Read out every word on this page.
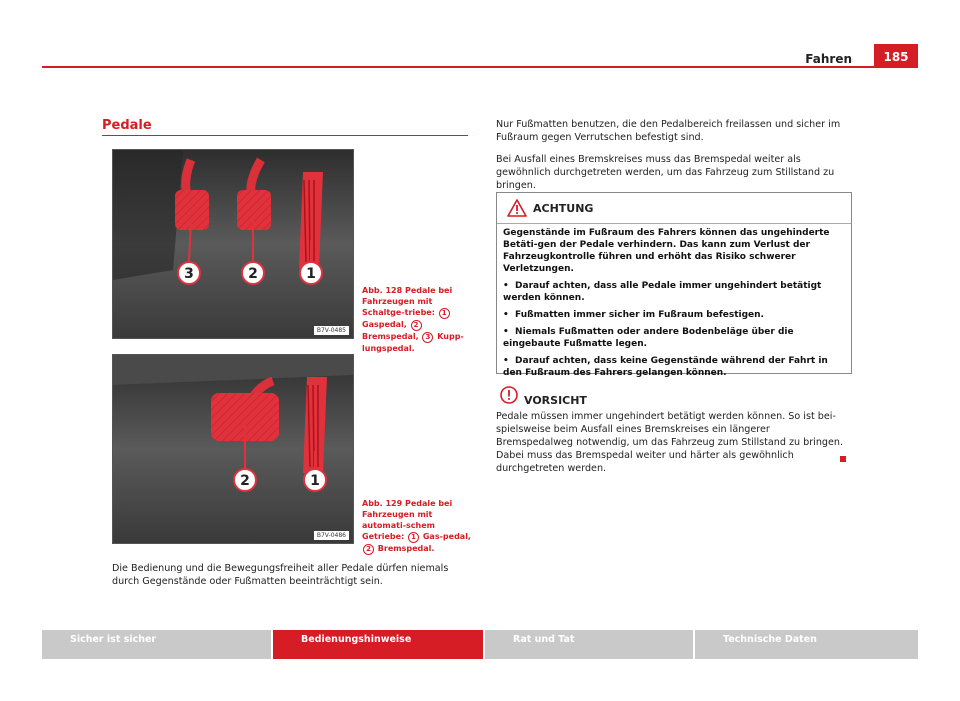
Fahren	185
Pedale
3	2	1
B7V-0485
Abb. 128 Pedale bei Fahrzeugen mit Schaltge-triebe: 1 Gaspedal, 2 Bremspedal, 3 Kupp-lungspedal.
2	1
B7V-0486
Abb. 129 Pedale bei Fahrzeugen mit automati-schem Getriebe: 1 Gas-pedal, 2 Bremspedal.
Die Bedienung und die Bewegungsfreiheit aller Pedale dürfen niemals durch Gegenstände oder Fußmatten beeinträchtigt sein.
Nur Fußmatten benutzen, die den Pedalbereich freilassen und sicher im Fußraum gegen Verrutschen befestigt sind.
Bei Ausfall eines Bremskreises muss das Bremspedal weiter als gewöhnlich durchgetreten werden, um das Fahrzeug zum Stillstand zu bringen.
ACHTUNG

Gegenstände im Fußraum des Fahrers können das ungehinderte Betäti-gen der Pedale verhindern. Das kann zum Verlust der Fahrzeugkontrolle führen und erhöht das Risiko schwerer Verletzungen.

•  Darauf achten, dass alle Pedale immer ungehindert betätigt werden können.

•  Fußmatten immer sicher im Fußraum befestigen.

•  Niemals Fußmatten oder andere Bodenbeläge über die eingebaute Fußmatte legen.

•  Darauf achten, dass keine Gegenstände während der Fahrt in den Fußraum des Fahrers gelangen können.

VORSICHT
Pedale müssen immer ungehindert betätigt werden können. So ist bei-spielsweise beim Ausfall eines Bremskreises ein längerer Bremspedalweg notwendig, um das Fahrzeug zum Stillstand zu bringen. Dabei muss das Bremspedal weiter und härter als gewöhnlich durchgetreten werden.
Sicher ist sicher	Bedienungshinweise	Rat und Tat	Technische Daten
